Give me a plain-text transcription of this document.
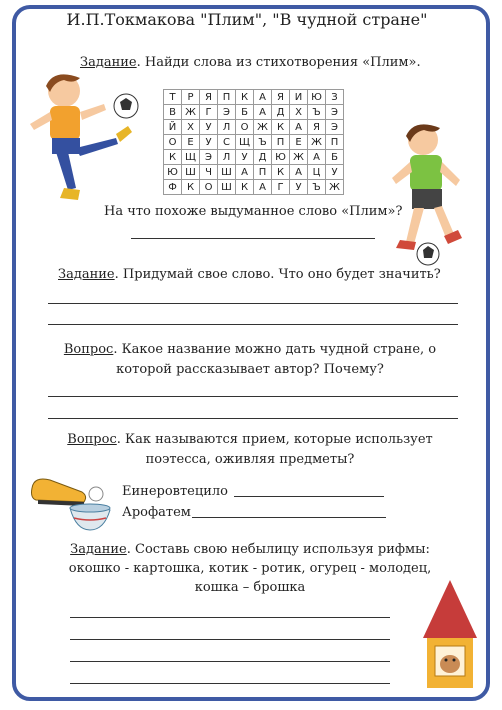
И.П.Токмакова "Плим", "В чудной стране"
Задание. Найди слова из стихотворения «Плим».
Т	Р	Я	П	К	А	Я	И	Ю	З
В	Ж	Г	Э	Б	А	Д	Х	Ъ	Э
Й	Х	У	Л	О	Ж	К	А	Я	Э
О	Е	У	С	Щ	Ъ	П	Е	Ж	П
К	Щ	Э	Л	У	Д	Ю	Ж	А	Б
Ю	Ш	Ч	Ш	А	П	К	А	Ц	У
Ф	К	О	Ш	К	А	Г	У	Ъ	Ж
На что похоже выдуманное слово «Плим»?
Задание. Придумай свое слово. Что оно будет значить?
Вопрос. Какое название можно дать чудной стране, о
которой рассказывает автор? Почему?
Вопрос. Как называются прием, которые использует
поэтесса, оживляя предметы?
Еинеровтецило
Арофатем
Задание. Составь свою небылицу используя рифмы:
окошко - картошка, котик - ротик, огурец - молодец,
кошка – брошка
